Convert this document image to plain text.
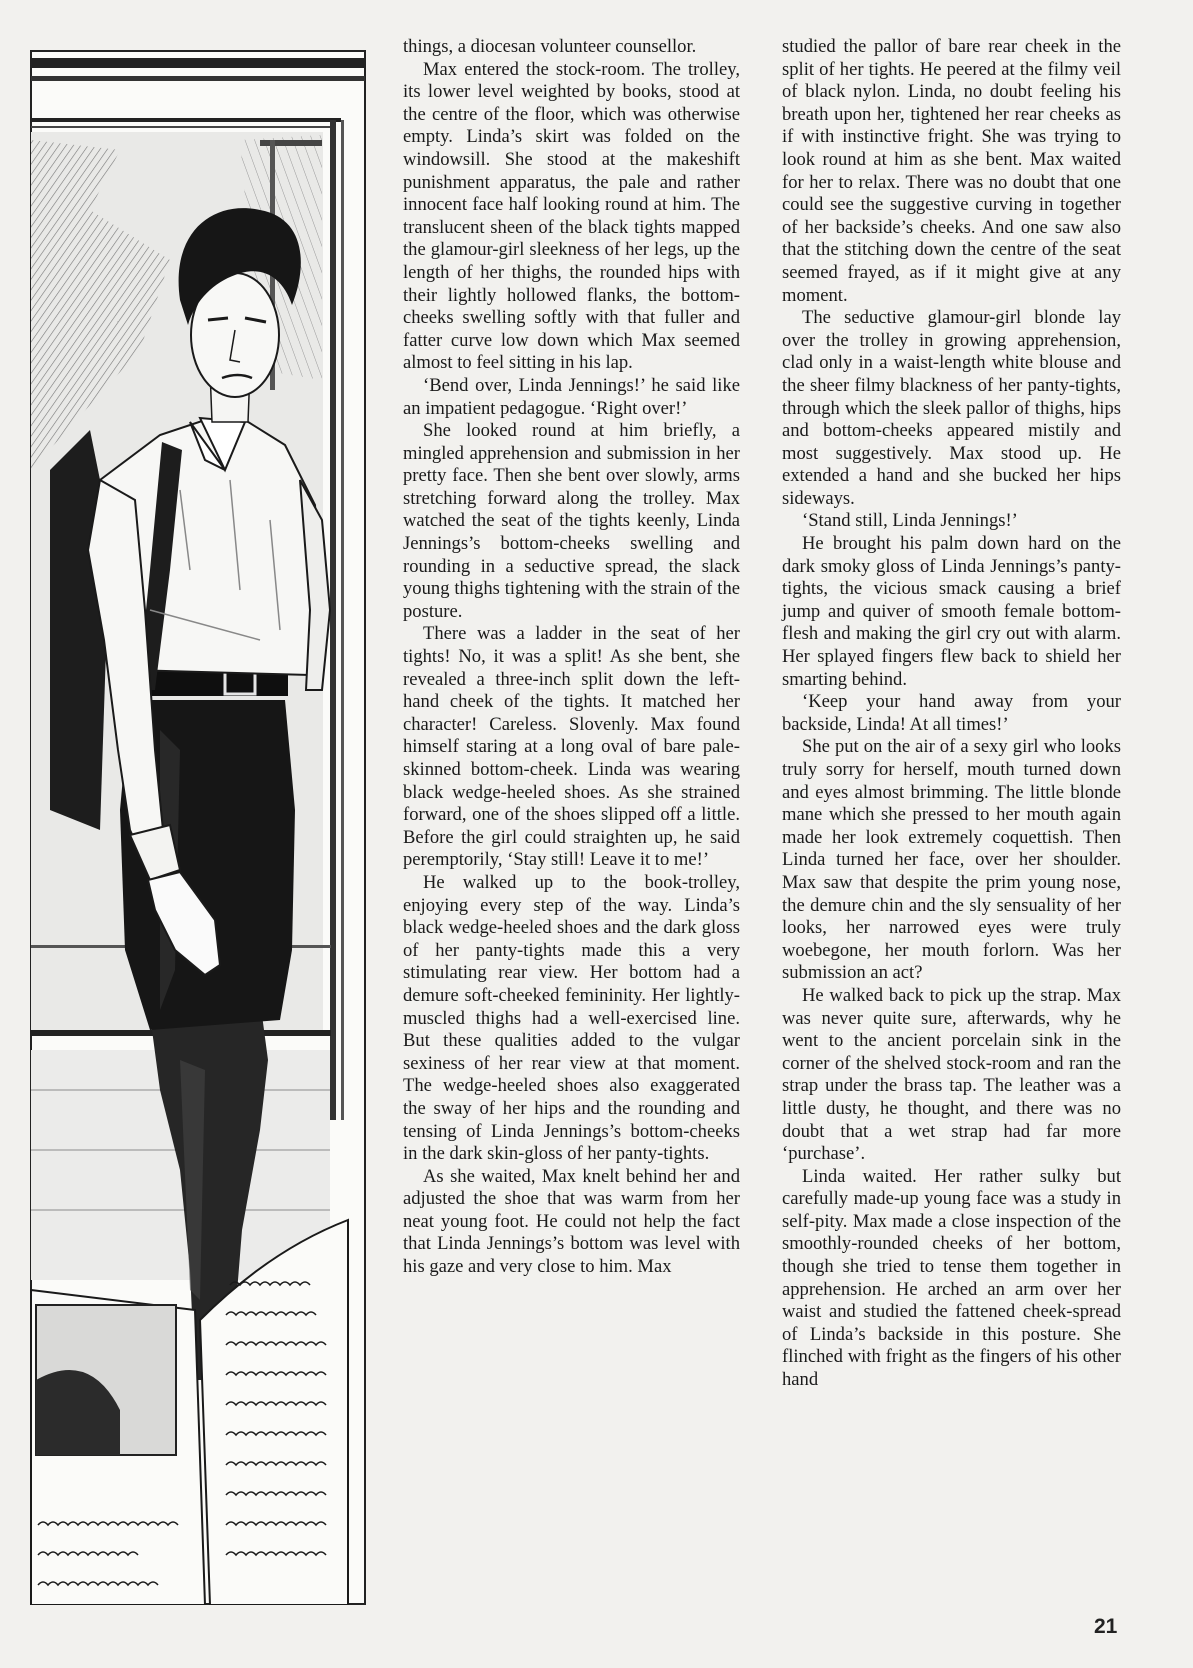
things, a diocesan volunteer counsellor.

Max entered the stock-room. The trolley, its lower level weighted by books, stood at the centre of the floor, which was otherwise empty. Linda’s skirt was folded on the windowsill. She stood at the makeshift punishment apparatus, the pale and rather innocent face half looking round at him. The translucent sheen of the black tights mapped the glamour-girl sleekness of her legs, up the length of her thighs, the rounded hips with their lightly hollowed flanks, the bottom-cheeks swelling softly with that fuller and fatter curve low down which Max seemed almost to feel sitting in his lap.

‘Bend over, Linda Jennings!’ he said like an impatient pedagogue. ‘Right over!’

She looked round at him briefly, a mingled apprehension and submission in her pretty face. Then she bent over slowly, arms stretching forward along the trolley. Max watched the seat of the tights keenly, Linda Jennings’s bottom-cheeks swelling and rounding in a seductive spread, the slack young thighs tightening with the strain of the posture.

There was a ladder in the seat of her tights! No, it was a split! As she bent, she revealed a three-inch split down the left-hand cheek of the tights. It matched her character! Careless. Slovenly. Max found himself staring at a long oval of bare pale-skinned bottom-cheek. Linda was wearing black wedge-heeled shoes. As she strained forward, one of the shoes slipped off a little. Before the girl could straighten up, he said peremptorily, ‘Stay still! Leave it to me!’

He walked up to the book-trolley, enjoying every step of the way. Linda’s black wedge-heeled shoes and the dark gloss of her panty-tights made this a very stimulating rear view. Her bottom had a demure soft-cheeked femininity. Her lightly-muscled thighs had a well-exercised line. But these qualities added to the vulgar sexiness of her rear view at that moment. The wedge-heeled shoes also exaggerated the sway of her hips and the rounding and tensing of Linda Jennings’s bottom-cheeks in the dark skin-gloss of her panty-tights.

As she waited, Max knelt behind her and adjusted the shoe that was warm from her neat young foot. He could not help the fact that Linda Jennings’s bottom was level with his gaze and very close to him. Max

studied the pallor of bare rear cheek in the split of her tights. He peered at the filmy veil of black nylon. Linda, no doubt feeling his breath upon her, tightened her rear cheeks as if with instinctive fright. She was trying to look round at him as she bent. Max waited for her to relax. There was no doubt that one could see the suggestive curving in together of her backside’s cheeks. And one saw also that the stitching down the centre of the seat seemed frayed, as if it might give at any moment.

The seductive glamour-girl blonde lay over the trolley in growing apprehension, clad only in a waist-length white blouse and the sheer filmy blackness of her panty-tights, through which the sleek pallor of thighs, hips and bottom-cheeks appeared mistily and most suggestively. Max stood up. He extended a hand and she bucked her hips sideways.

‘Stand still, Linda Jennings!’

He brought his palm down hard on the dark smoky gloss of Linda Jennings’s panty-tights, the vicious smack causing a brief jump and quiver of smooth female bottom-flesh and making the girl cry out with alarm. Her splayed fingers flew back to shield her smarting behind.

‘Keep your hand away from your backside, Linda! At all times!’

She put on the air of a sexy girl who looks truly sorry for herself, mouth turned down and eyes almost brimming. The little blonde mane which she pressed to her mouth again made her look extremely coquettish. Then Linda turned her face, over her shoulder. Max saw that despite the prim young nose, the demure chin and the sly sensuality of her looks, her narrowed eyes were truly woebegone, her mouth forlorn. Was her submission an act?

He walked back to pick up the strap. Max was never quite sure, afterwards, why he went to the ancient porcelain sink in the corner of the shelved stock-room and ran the strap under the brass tap. The leather was a little dusty, he thought, and there was no doubt that a wet strap had far more ‘purchase’.

Linda waited. Her rather sulky but carefully made-up young face was a study in self-pity. Max made a close inspection of the smoothly-rounded cheeks of her bottom, though she tried to tense them together in apprehension. He arched an arm over her waist and studied the fattened cheek-spread of Linda’s backside in this posture. She flinched with fright as the fingers of his other hand

21
